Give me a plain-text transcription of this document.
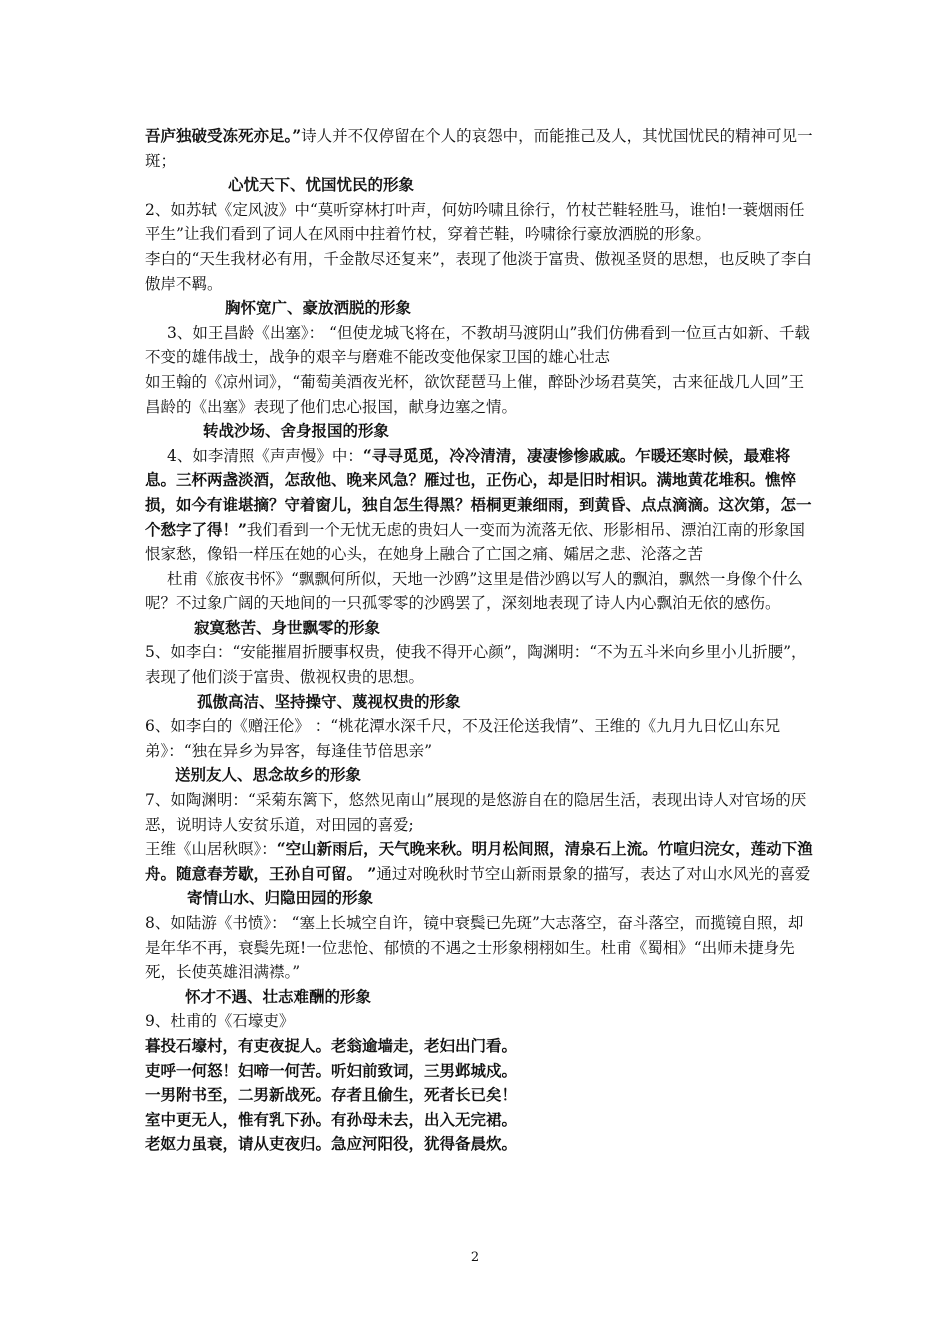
吾庐独破受冻死亦足。”诗人并不仅停留在个人的哀怨中，而能推己及人，其忧国忧民的精神可见一斑；

心忧天下、忧国忧民的形象

2、如苏轼《定风波》中“莫听穿林打叶声，何妨吟啸且徐行，竹杖芒鞋轻胜马，谁怕!一蓑烟雨任平生”让我们看到了词人在风雨中拄着竹杖，穿着芒鞋，吟啸徐行豪放洒脱的形象。

李白的“天生我材必有用，千金散尽还复来”，表现了他淡于富贵、傲视圣贤的思想，也反映了李白傲岸不羁。

胸怀宽广、豪放洒脱的形象

3、如王昌龄《出塞》： “但使龙城飞将在，不教胡马渡阴山”我们仿佛看到一位亘古如新、千载不变的雄伟战士，战争的艰辛与磨难不能改变他保家卫国的雄心壮志

如王翰的《凉州词》，“葡萄美酒夜光杯，欲饮琵琶马上催，醉卧沙场君莫笑，古来征战几人回”王昌龄的《出塞》表现了他们忠心报国，献身边塞之情。

转战沙场、舍身报国的形象

4、如李清照《声声慢》中：“寻寻觅觅，冷冷清清，凄凄惨惨戚戚。乍暖还寒时候，最难将息。三杯两盏淡酒，怎敌他、晚来风急？雁过也，正伤心，却是旧时相识。满地黄花堆积。憔悴损，如今有谁堪摘？守着窗儿，独自怎生得黑？梧桐更兼细雨，到黄昏、点点滴滴。这次第，怎一个愁字了得！”我们看到一个无忧无虑的贵妇人一变而为流落无依、形影相吊、漂泊江南的形象国恨家愁，像铅一样压在她的心头，在她身上融合了亡国之痛、孀居之悲、沦落之苦

杜甫《旅夜书怀》“飘飘何所似，天地一沙鸥”这里是借沙鸥以写人的飘泊，飘然一身像个什么呢？不过象广阔的天地间的一只孤零零的沙鸥罢了，深刻地表现了诗人内心飘泊无依的感伤。

寂寞愁苦、身世飘零的形象

5、如李白：“安能摧眉折腰事权贵，使我不得开心颜”，陶渊明：“不为五斗米向乡里小儿折腰”，表现了他们淡于富贵、傲视权贵的思想。

孤傲高洁、坚持操守、蔑视权贵的形象

6、如李白的《赠汪伦》 ：“桃花潭水深千尺，不及汪伦送我情”、王维的《九月九日忆山东兄弟》：“独在异乡为异客，每逢佳节倍思亲”

送别友人、思念故乡的形象

7、如陶渊明：“采菊东篱下，悠然见南山”展现的是悠游自在的隐居生活，表现出诗人对官场的厌恶，说明诗人安贫乐道，对田园的喜爱;

王维《山居秋暝》：“空山新雨后，天气晚来秋。明月松间照，清泉石上流。竹喧归浣女，莲动下渔舟。随意春芳歇，王孙自可留。 ”通过对晚秋时节空山新雨景象的描写，表达了对山水风光的喜爱

寄情山水、归隐田园的形象

8、如陆游《书愤》： “塞上长城空自许，镜中衰鬓已先斑”大志落空，奋斗落空，而揽镜自照，却是年华不再，衰鬓先斑!一位悲怆、郁愤的不遇之士形象栩栩如生。杜甫《蜀相》“出师未捷身先死，长使英雄泪满襟。”

怀才不遇、壮志难酬的形象

9、杜甫的《石壕吏》

暮投石壕村，有吏夜捉人。老翁逾墙走，老妇出门看。

吏呼一何怒！妇啼一何苦。听妇前致词，三男邺城戍。

一男附书至，二男新战死。存者且偷生，死者长已矣！

室中更无人，惟有乳下孙。有孙母未去，出入无完裙。

老妪力虽衰，请从吏夜归。急应河阳役，犹得备晨炊。

2
